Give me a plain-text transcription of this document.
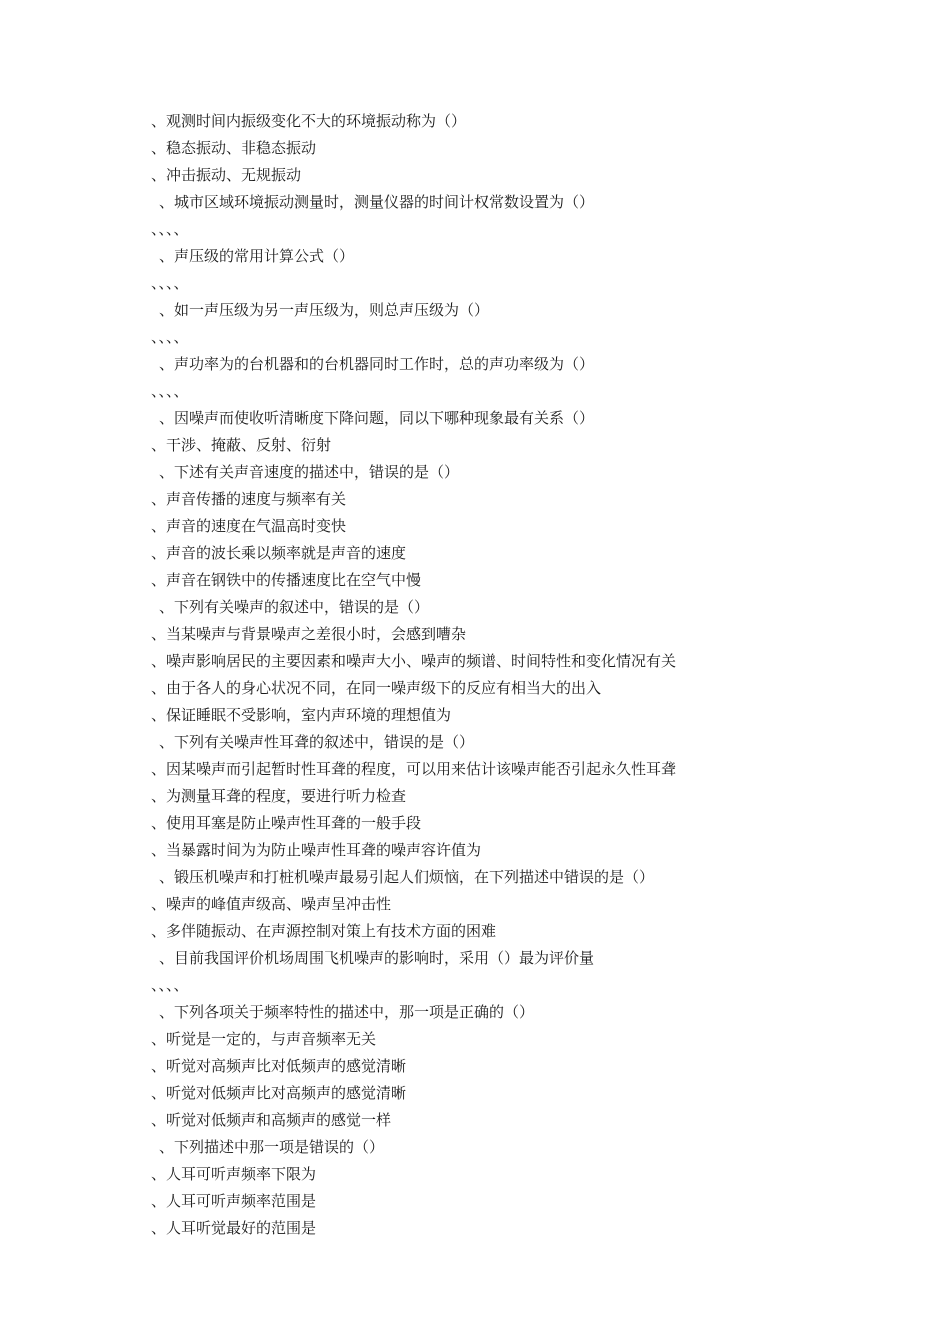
、观测时间内振级变化不大的环境振动称为（）
、稳态振动、非稳态振动
、冲击振动、无规振动
、城市区域环境振动测量时，测量仪器的时间计权常数设置为（）
、、、、
、声压级的常用计算公式（）
、、、、
、如一声压级为另一声压级为，则总声压级为（）
、、、、
、声功率为的台机器和的台机器同时工作时，总的声功率级为（）
、、、、
、因噪声而使收听清晰度下降问题，同以下哪种现象最有关系（）
、干涉、掩蔽、反射、衍射
、下述有关声音速度的描述中，错误的是（）
、声音传播的速度与频率有关
、声音的速度在气温高时变快
、声音的波长乘以频率就是声音的速度
、声音在钢铁中的传播速度比在空气中慢
、下列有关噪声的叙述中，错误的是（）
、当某噪声与背景噪声之差很小时，会感到嘈杂
、噪声影响居民的主要因素和噪声大小、噪声的频谱、时间特性和变化情况有关
、由于各人的身心状况不同，在同一噪声级下的反应有相当大的出入
、保证睡眠不受影响，室内声环境的理想值为
、下列有关噪声性耳聋的叙述中，错误的是（）
、因某噪声而引起暂时性耳聋的程度，可以用来估计该噪声能否引起永久性耳聋
、为测量耳聋的程度，要进行听力检查
、使用耳塞是防止噪声性耳聋的一般手段
、当暴露时间为为防止噪声性耳聋的噪声容许值为
、锻压机噪声和打桩机噪声最易引起人们烦恼，在下列描述中错误的是（）
、噪声的峰值声级高、噪声呈冲击性
、多伴随振动、在声源控制对策上有技术方面的困难
、目前我国评价机场周围飞机噪声的影响时，采用（）最为评价量
、、、、
、下列各项关于频率特性的描述中，那一项是正确的（）
、听觉是一定的，与声音频率无关
、听觉对高频声比对低频声的感觉清晰
、听觉对低频声比对高频声的感觉清晰
、听觉对低频声和高频声的感觉一样
、下列描述中那一项是错误的（）
、人耳可听声频率下限为
、人耳可听声频率范围是
、人耳听觉最好的范围是
